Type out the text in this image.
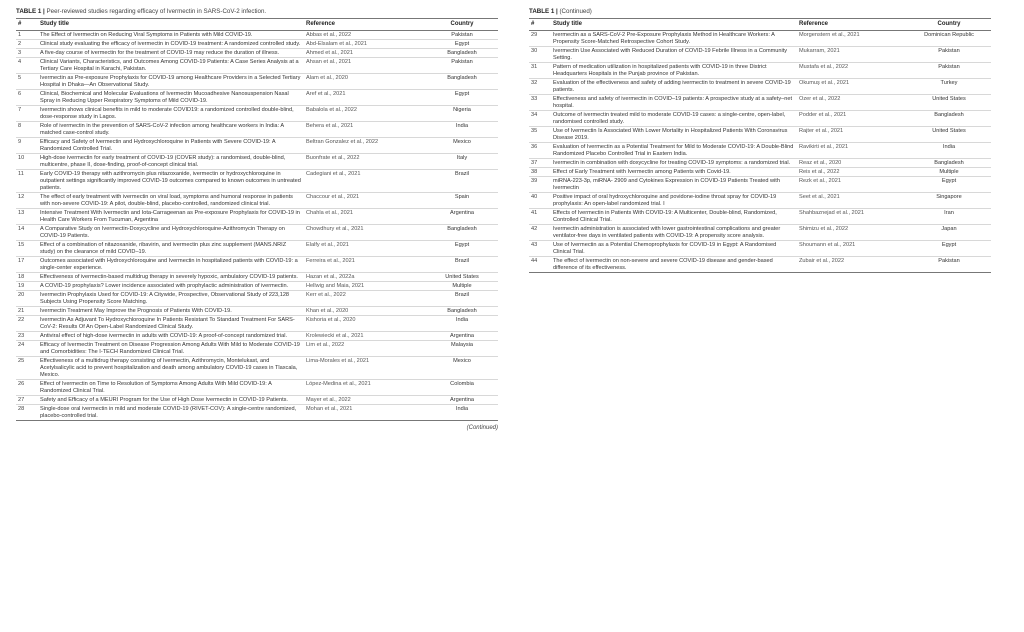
TABLE 1 | Peer-reviewed studies regarding efficacy of Ivermectin in SARS-CoV-2 infection.
#	Study title	Reference	Country
1	The Effect of Ivermectin on Reducing Viral Symptoms in Patients with Mild COVID-19.	Abbas et al., 2022	Pakistan
2	Clinical study evaluating the efficacy of ivermectin in COVID-19 treatment: A randomized controlled study.	Abd-Elsalam et al., 2021	Egypt
3	A five-day course of ivermectin for the treatment of COVID-19 may reduce the duration of illness.	Ahmed et al., 2021	Bangladesh
4	Clinical Variants, Characteristics, and Outcomes Among COVID-19 Patients: A Case Series Analysis at a Tertiary Care Hospital in Karachi, Pakistan.	Ahsan et al., 2021	Pakistan
5	Ivermectin as Pre-exposure Prophylaxis for COVID-19 among Healthcare Providers in a Selected Tertiary Hospital in Dhaka—An Observational Study.	Alam et al., 2020	Bangladesh
6	Clinical, Biochemical and Molecular Evaluations of Ivermectin Mucoadhesive Nanosuspension Nasal Spray in Reducing Upper Respiratory Symptoms of Mild COVID-19.	Aref et al., 2021	Egypt
7	Ivermectin shows clinical benefits in mild to moderate COVID19: a randomized controlled double-blind, dose-response study in Lagos.	Babalola et al., 2022	Nigeria
8	Role of ivermectin in the prevention of SARS-CoV-2 infection among healthcare workers in India: A matched case-control study.	Behera et al., 2021	India
9	Efficacy and Safety of Ivermectin and Hydroxychloroquine in Patients with Severe COVID-19: A Randomized Controlled Trial.	Beltran Gonzalez et al., 2022	Mexico
10	High-dose ivermectin for early treatment of COVID-19 (COVER study): a randomised, double-blind, multicentre, phase II, dose-finding, proof-of-concept clinical trial.	Buonfrate et al., 2022	Italy
11	Early COVID-19 therapy with azithromycin plus nitazoxanide, ivermectin or hydroxychloroquine in outpatient settings significantly improved COVID-19 outcomes compared to known outcomes in untreated patients.	Cadegiani et al., 2021	Brazil
12	The effect of early treatment with ivermectin on viral load, symptoms and humoral response in patients with non-severe COVID-19: A pilot, double-blind, placebo-controlled, randomized clinical trial.	Chaccour et al., 2021	Spain
13	Intensive Treatment With Ivermectin and Iota-Carrageenan as Pre-exposure Prophylaxis for COVID-19 in Health Care Workers From Tucuman, Argentina	Chahla et al., 2021	Argentina
14	A Comparative Study on Ivermectin-Doxycycline and Hydroxychloroquine-Azithromycin Therapy on COVID-19 Patients.	Chowdhury et al., 2021	Bangladesh
15	Effect of a combination of nitazoxanide, ribavirin, and ivermectin plus zinc supplement (MANS.NRIZ study) on the clearance of mild COVID–19.	Elalfy et al., 2021	Egypt
17	Outcomes associated with Hydroxychloroquine and Ivermectin in hospitalized patients with COVID-19: a single-center experience.	Ferreira et al., 2021	Brazil
18	Effectiveness of ivermectin-based multidrug therapy in severely hypoxic, ambulatory COVID-19 patients.	Hazan et al., 2022a	United States
19	A COVID-19 prophylaxis? Lower incidence associated with prophylactic administration of ivermectin.	Hellwig and Maia, 2021	Multiple
20	Ivermectin Prophylaxis Used for COVID-19: A Citywide, Prospective, Observational Study of 223,128 Subjects Using Propensity Score Matching.	Kerr et al., 2022	Brazil
21	Ivermectin Treatment May Improve the Prognosis of Patients With COVID-19.	Khan et al., 2020	Bangladesh
22	Ivermectin As Adjuvant To Hydroxychloroquine In Patients Resistant To Standard Treatment For SARS-CoV-2: Results Of An Open-Label Randomized Clinical Study.	Kishoria et al., 2020	India
23	Antiviral effect of high-dose ivermectin in adults with COVID-19: A proof-of-concept randomized trial.	Krolewiecki et al., 2021	Argentina
24	Efficacy of Ivermectin Treatment on Disease Progression Among Adults With Mild to Moderate COVID-19 and Comorbidities: The I-TECH Randomized Clinical Trial.	Lim et al., 2022	Malaysia
25	Effectiveness of a multidrug therapy consisting of Ivermectin, Azithromycin, Montelukast, and Acetylsalicylic acid to prevent hospitalization and death among ambulatory COVID-19 cases in Tlaxcala, Mexico.	Lima-Morales et al., 2021	Mexico
26	Effect of Ivermectin on Time to Resolution of Symptoms Among Adults With Mild COVID-19: A Randomized Clinical Trial.	López-Medina et al., 2021	Colombia
27	Safety and Efficacy of a MEURI Program for the Use of High Dose Ivermectin in COVID-19 Patients.	Mayer et al., 2022	Argentina
28	Single-dose oral ivermectin in mild and moderate COVID-19 (RIVET-COV): A single-centre randomized, placebo-controlled trial.	Mohan et al., 2021	India
(Continued)
TABLE 1 | (Continued)
#	Study title	Reference	Country
29	Ivermectin as a SARS-CoV-2 Pre-Exposure Prophylaxis Method in Healthcare Workers: A Propensity Score-Matched Retrospective Cohort Study.	Morgenstern et al., 2021	Dominican Republic
30	Ivermectin Use Associated with Reduced Duration of COVID-19 Febrile Illness in a Community Setting.	Mukarram, 2021	Pakistan
31	Pattern of medication utilization in hospitalized patients with COVID-19 in three District Headquarters Hospitals in the Punjab province of Pakistan.	Mustafa et al., 2022	Pakistan
32	Evaluation of the effectiveness and safety of adding ivermectin to treatment in severe COVID-19 patients.	Okumuş et al., 2021	Turkey
33	Effectiveness and safety of ivermectin in COVID–19 patients: A prospective study at a safety–net hospital.	Ozer et al., 2022	United States
34	Outcome of ivermectin treated mild to moderate COVID-19 cases: a single-centre, open-label, randomised controlled study.	Podder et al., 2021	Bangladesh
35	Use of Ivermectin Is Associated With Lower Mortality in Hospitalized Patients With Coronavirus Disease 2019.	Rajter et al., 2021	United States
36	Evaluation of Ivermectin as a Potential Treatment for Mild to Moderate COVID-19: A Double-Blind Randomized Placebo Controlled Trial in Eastern India.	Ravikirti et al., 2021	India
37	Ivermectin in combination with doxycycline for treating COVID-19 symptoms: a randomized trial.	Reaz et al., 2020	Bangladesh
38	Effect of Early Treatment with Ivermectin among Patients with Covid-19.	Reis et al., 2022	Multiple
39	miRNA-223-3p, miRNA- 2909 and Cytokines Expression in COVID-19 Patients Treated with Ivermectin	Rezk et al., 2021	Egypt
40	Positive impact of oral hydroxychloroquine and povidone-iodine throat spray for COVID-19 prophylaxis: An open-label randomized trial. I	Seet et al., 2021	Singapore
41	Effects of Ivermectin in Patients With COVID-19: A Multicenter, Double-blind, Randomized, Controlled Clinical Trial.	Shahbaznejad et al., 2021	Iran
42	Ivermectin administration is associated with lower gastrointestinal complications and greater ventilator-free days in ventilated patients with COVID-19: A propensity score analysis.	Shimizu et al., 2022	Japan
43	Use of Ivermectin as a Potential Chemoprophylaxis for COVID-19 in Egypt: A Randomised Clinical Trial.	Shoumann et al., 2021	Egypt
44	The effect of ivermectin on non-severe and severe COVID-19 disease and gender-based difference of its effectiveness.	Zubair et al., 2022	Pakistan
